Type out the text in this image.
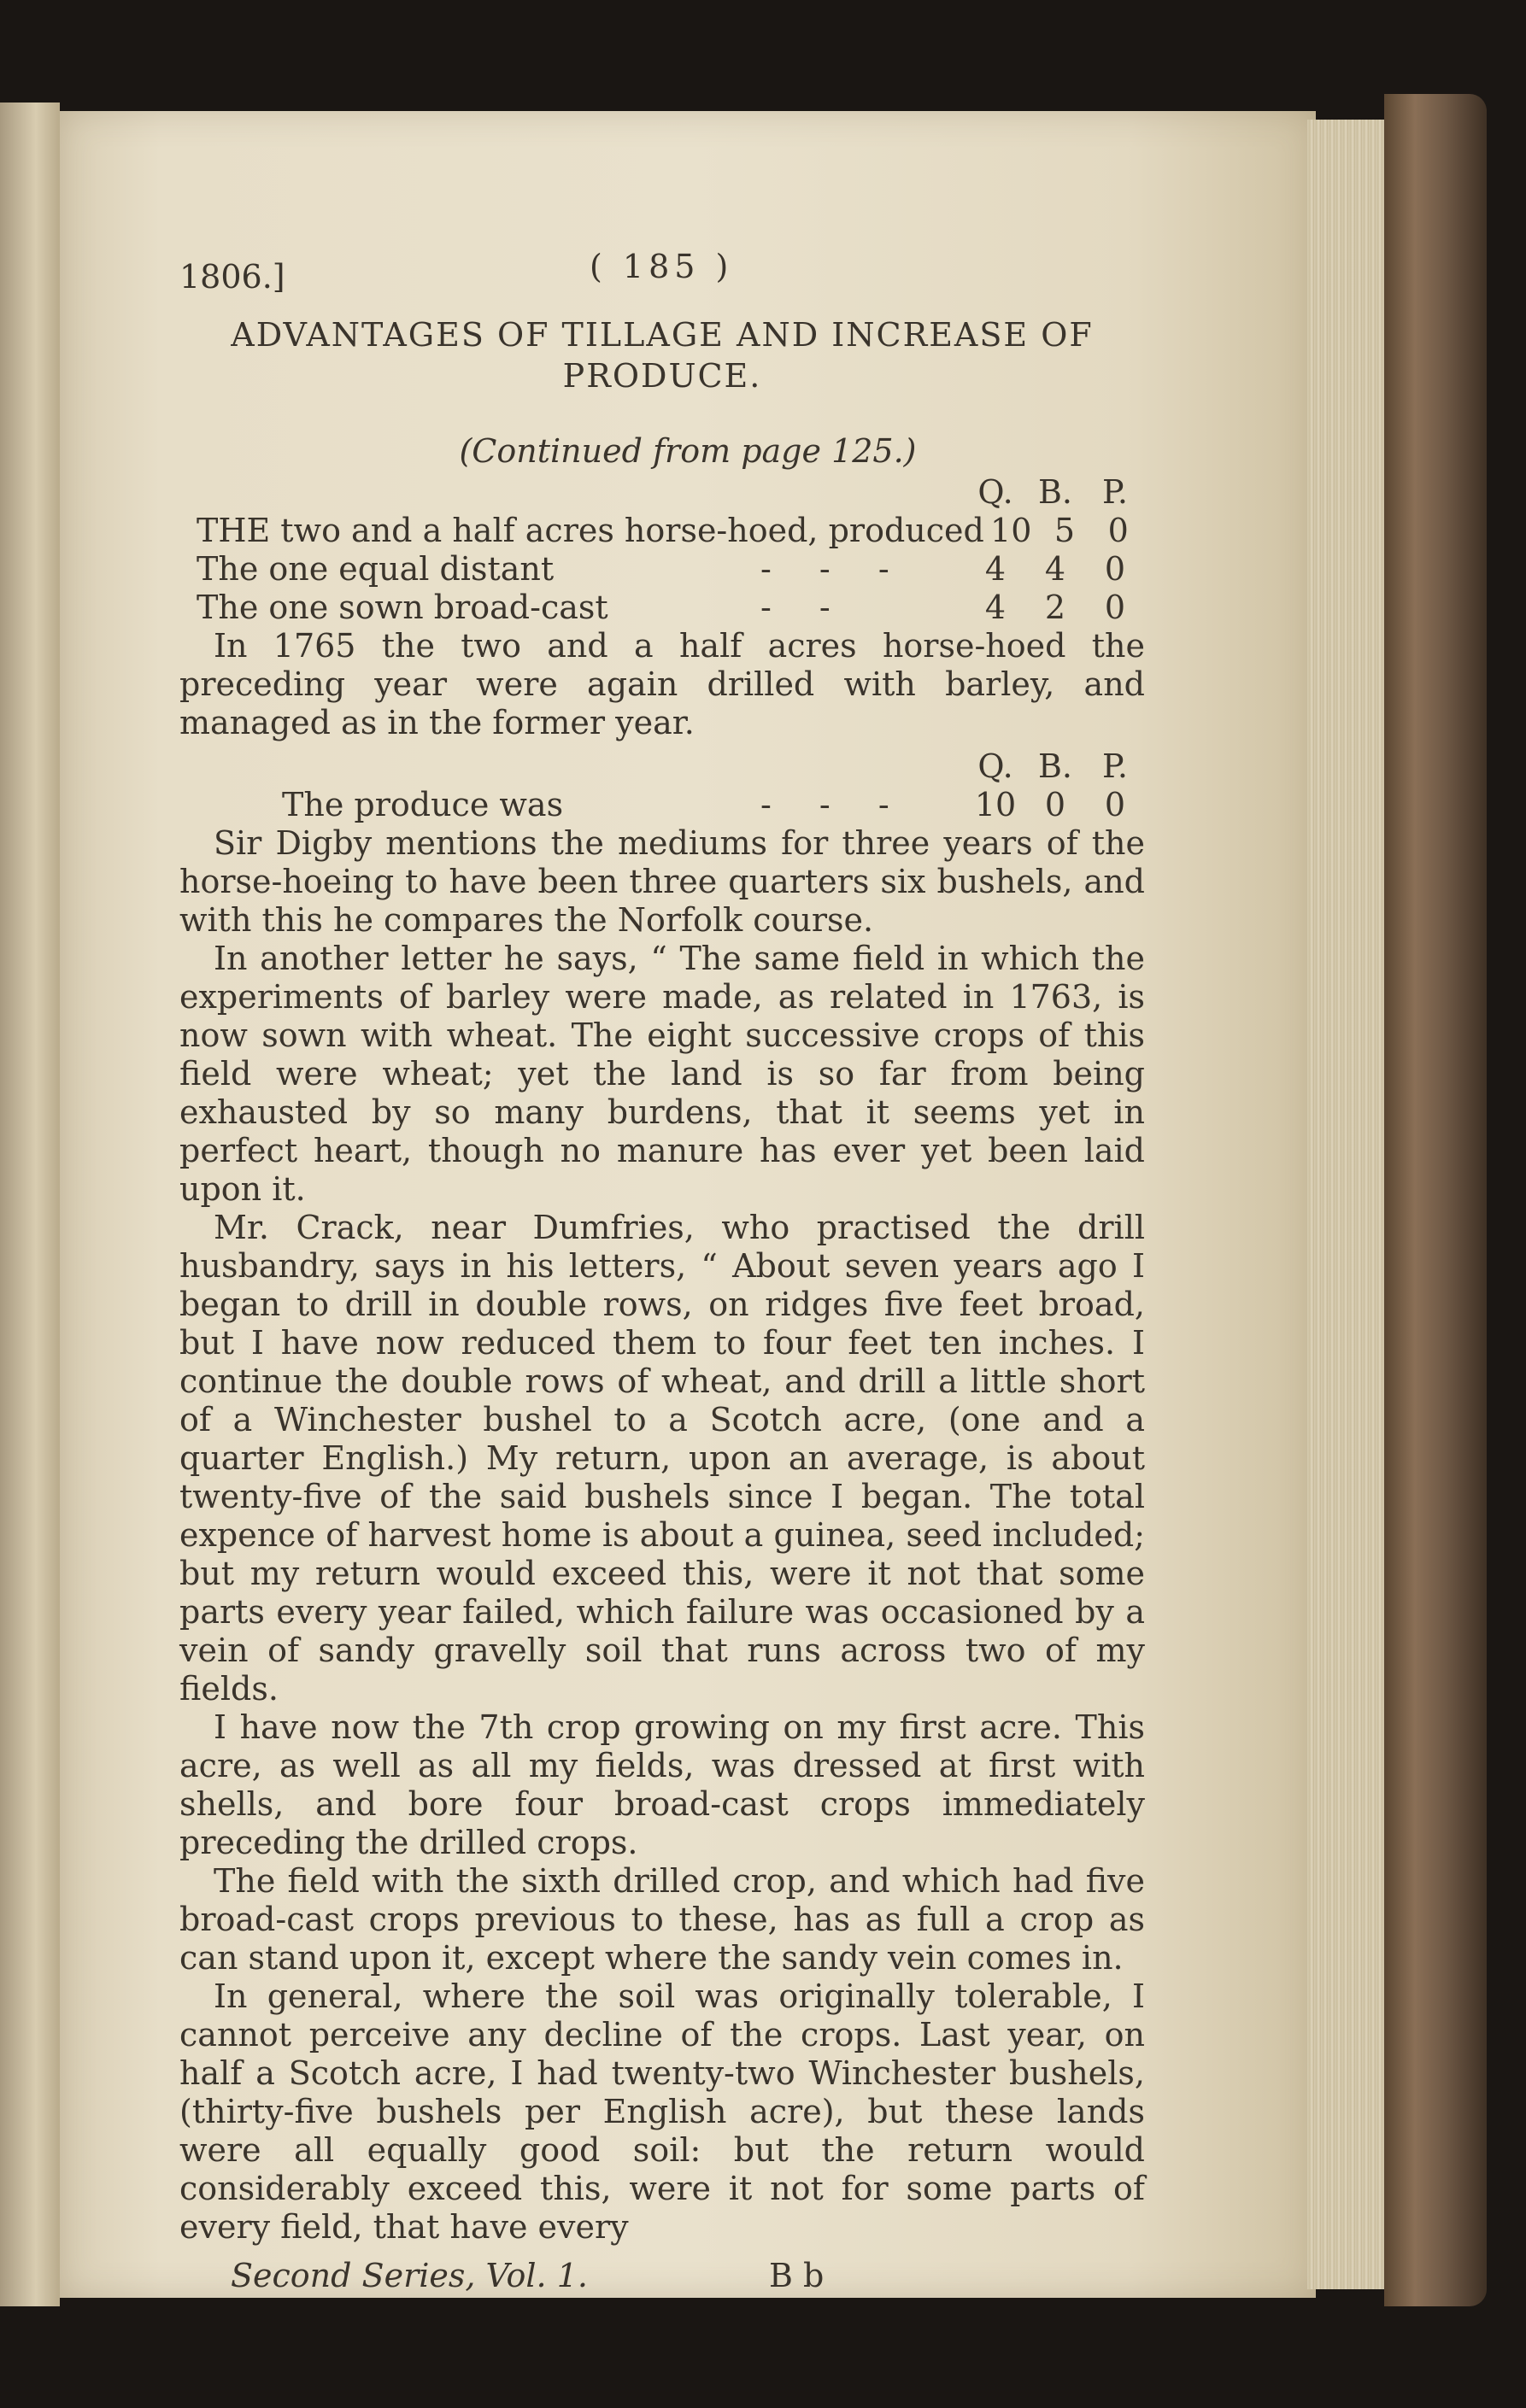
1806.]	( 185 )
ADVANTAGES OF TILLAGE AND INCREASE OF PRODUCE.
(Continued from page 125.)
Q. B. P.
THE two and a half acres horse-hoed, produced 10 5	0
The one equal distant	- - -	4	4	0
The one sown broad-cast	- -	4	2	0

In 1765 the two and a half acres horse-hoed the preceding year were again drilled with barley, and managed as in the former year.

Q. B. P.
The produce was	- - -	10 0	0

Sir Digby mentions the mediums for three years of the horse-hoeing to have been three quarters six bushels, and with this he compares the Norfolk course.

In another letter he says, “ The same field in which the experiments of barley were made, as related in 1763, is now sown with wheat. The eight successive crops of this field were wheat; yet the land is so far from being exhausted by so many burdens, that it seems yet in perfect heart, though no manure has ever yet been laid upon it.

Mr. Crack, near Dumfries, who practised the drill husbandry, says in his letters, “ About seven years ago I began to drill in double rows, on ridges five feet broad, but I have now reduced them to four feet ten inches. I continue the double rows of wheat, and drill a little short of a Winchester bushel to a Scotch acre, (one and a quarter English.) My return, upon an average, is about twenty-five of the said bushels since I began. The total expence of harvest home is about a guinea, seed included; but my return would exceed this, were it not that some parts every year failed, which failure was occasioned by a vein of sandy gravelly soil that runs across two of my fields.

I have now the 7th crop growing on my first acre. This acre, as well as all my fields, was dressed at first with shells, and bore four broad-cast crops immediately preceding the drilled crops.

The field with the sixth drilled crop, and which had five broad-cast crops previous to these, has as full a crop as can stand upon it, except where the sandy vein comes in.

In general, where the soil was originally tolerable, I cannot perceive any decline of the crops. Last year, on half a Scotch acre, I had twenty-two Winchester bushels, (thirty-five bushels per English acre), but these lands were all equally good soil: but the return would considerably exceed this, were it not for some parts of every field, that have every

Second Series, Vol. 1.	B b
